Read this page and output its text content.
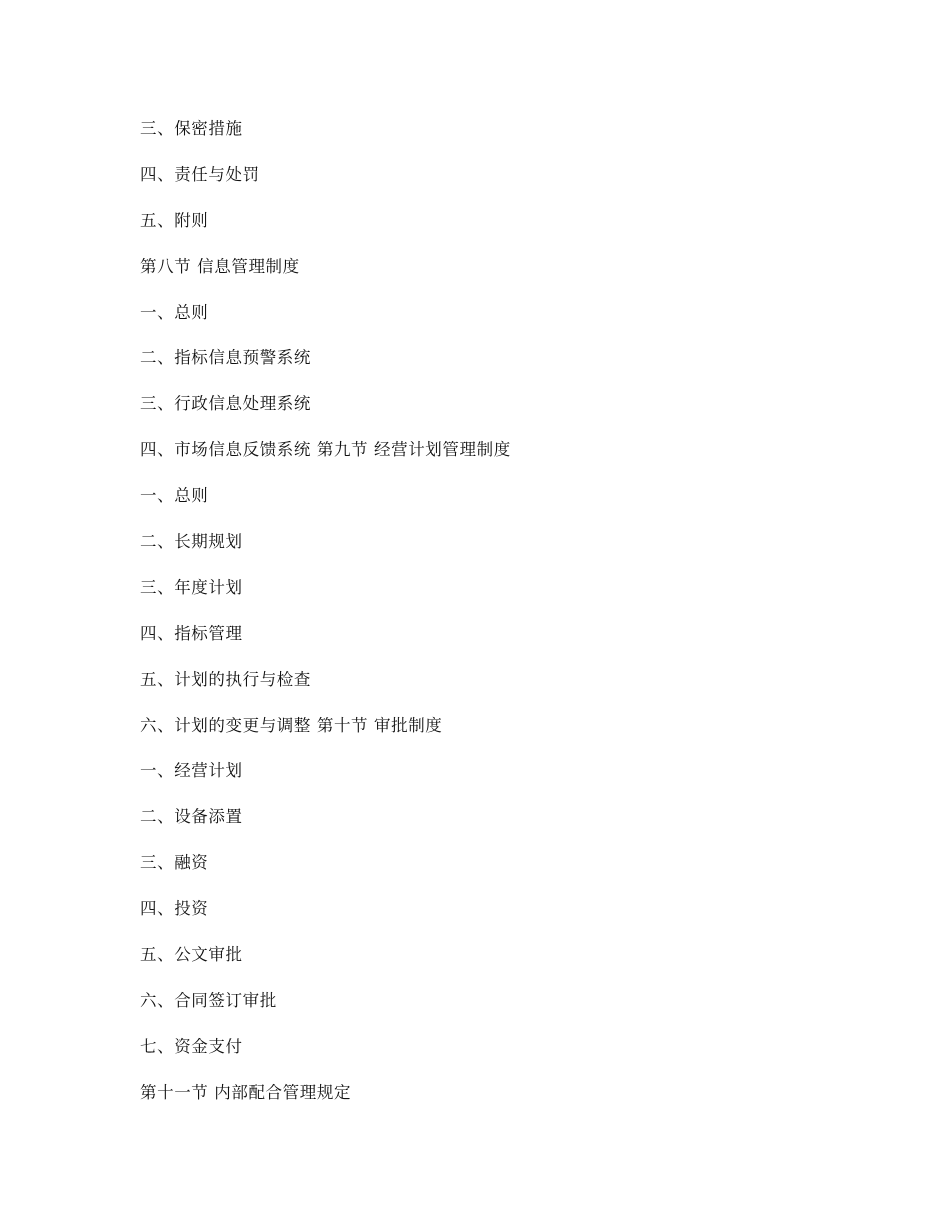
三、保密措施
四、责任与处罚
五、附则
第八节 信息管理制度
一、总则
二、指标信息预警系统
三、行政信息处理系统
四、市场信息反馈系统 第九节 经营计划管理制度
一、总则
二、长期规划
三、年度计划
四、指标管理
五、计划的执行与检查
六、计划的变更与调整 第十节 审批制度
一、经营计划
二、设备添置
三、融资
四、投资
五、公文审批
六、合同签订审批
七、资金支付
第十一节 内部配合管理规定
